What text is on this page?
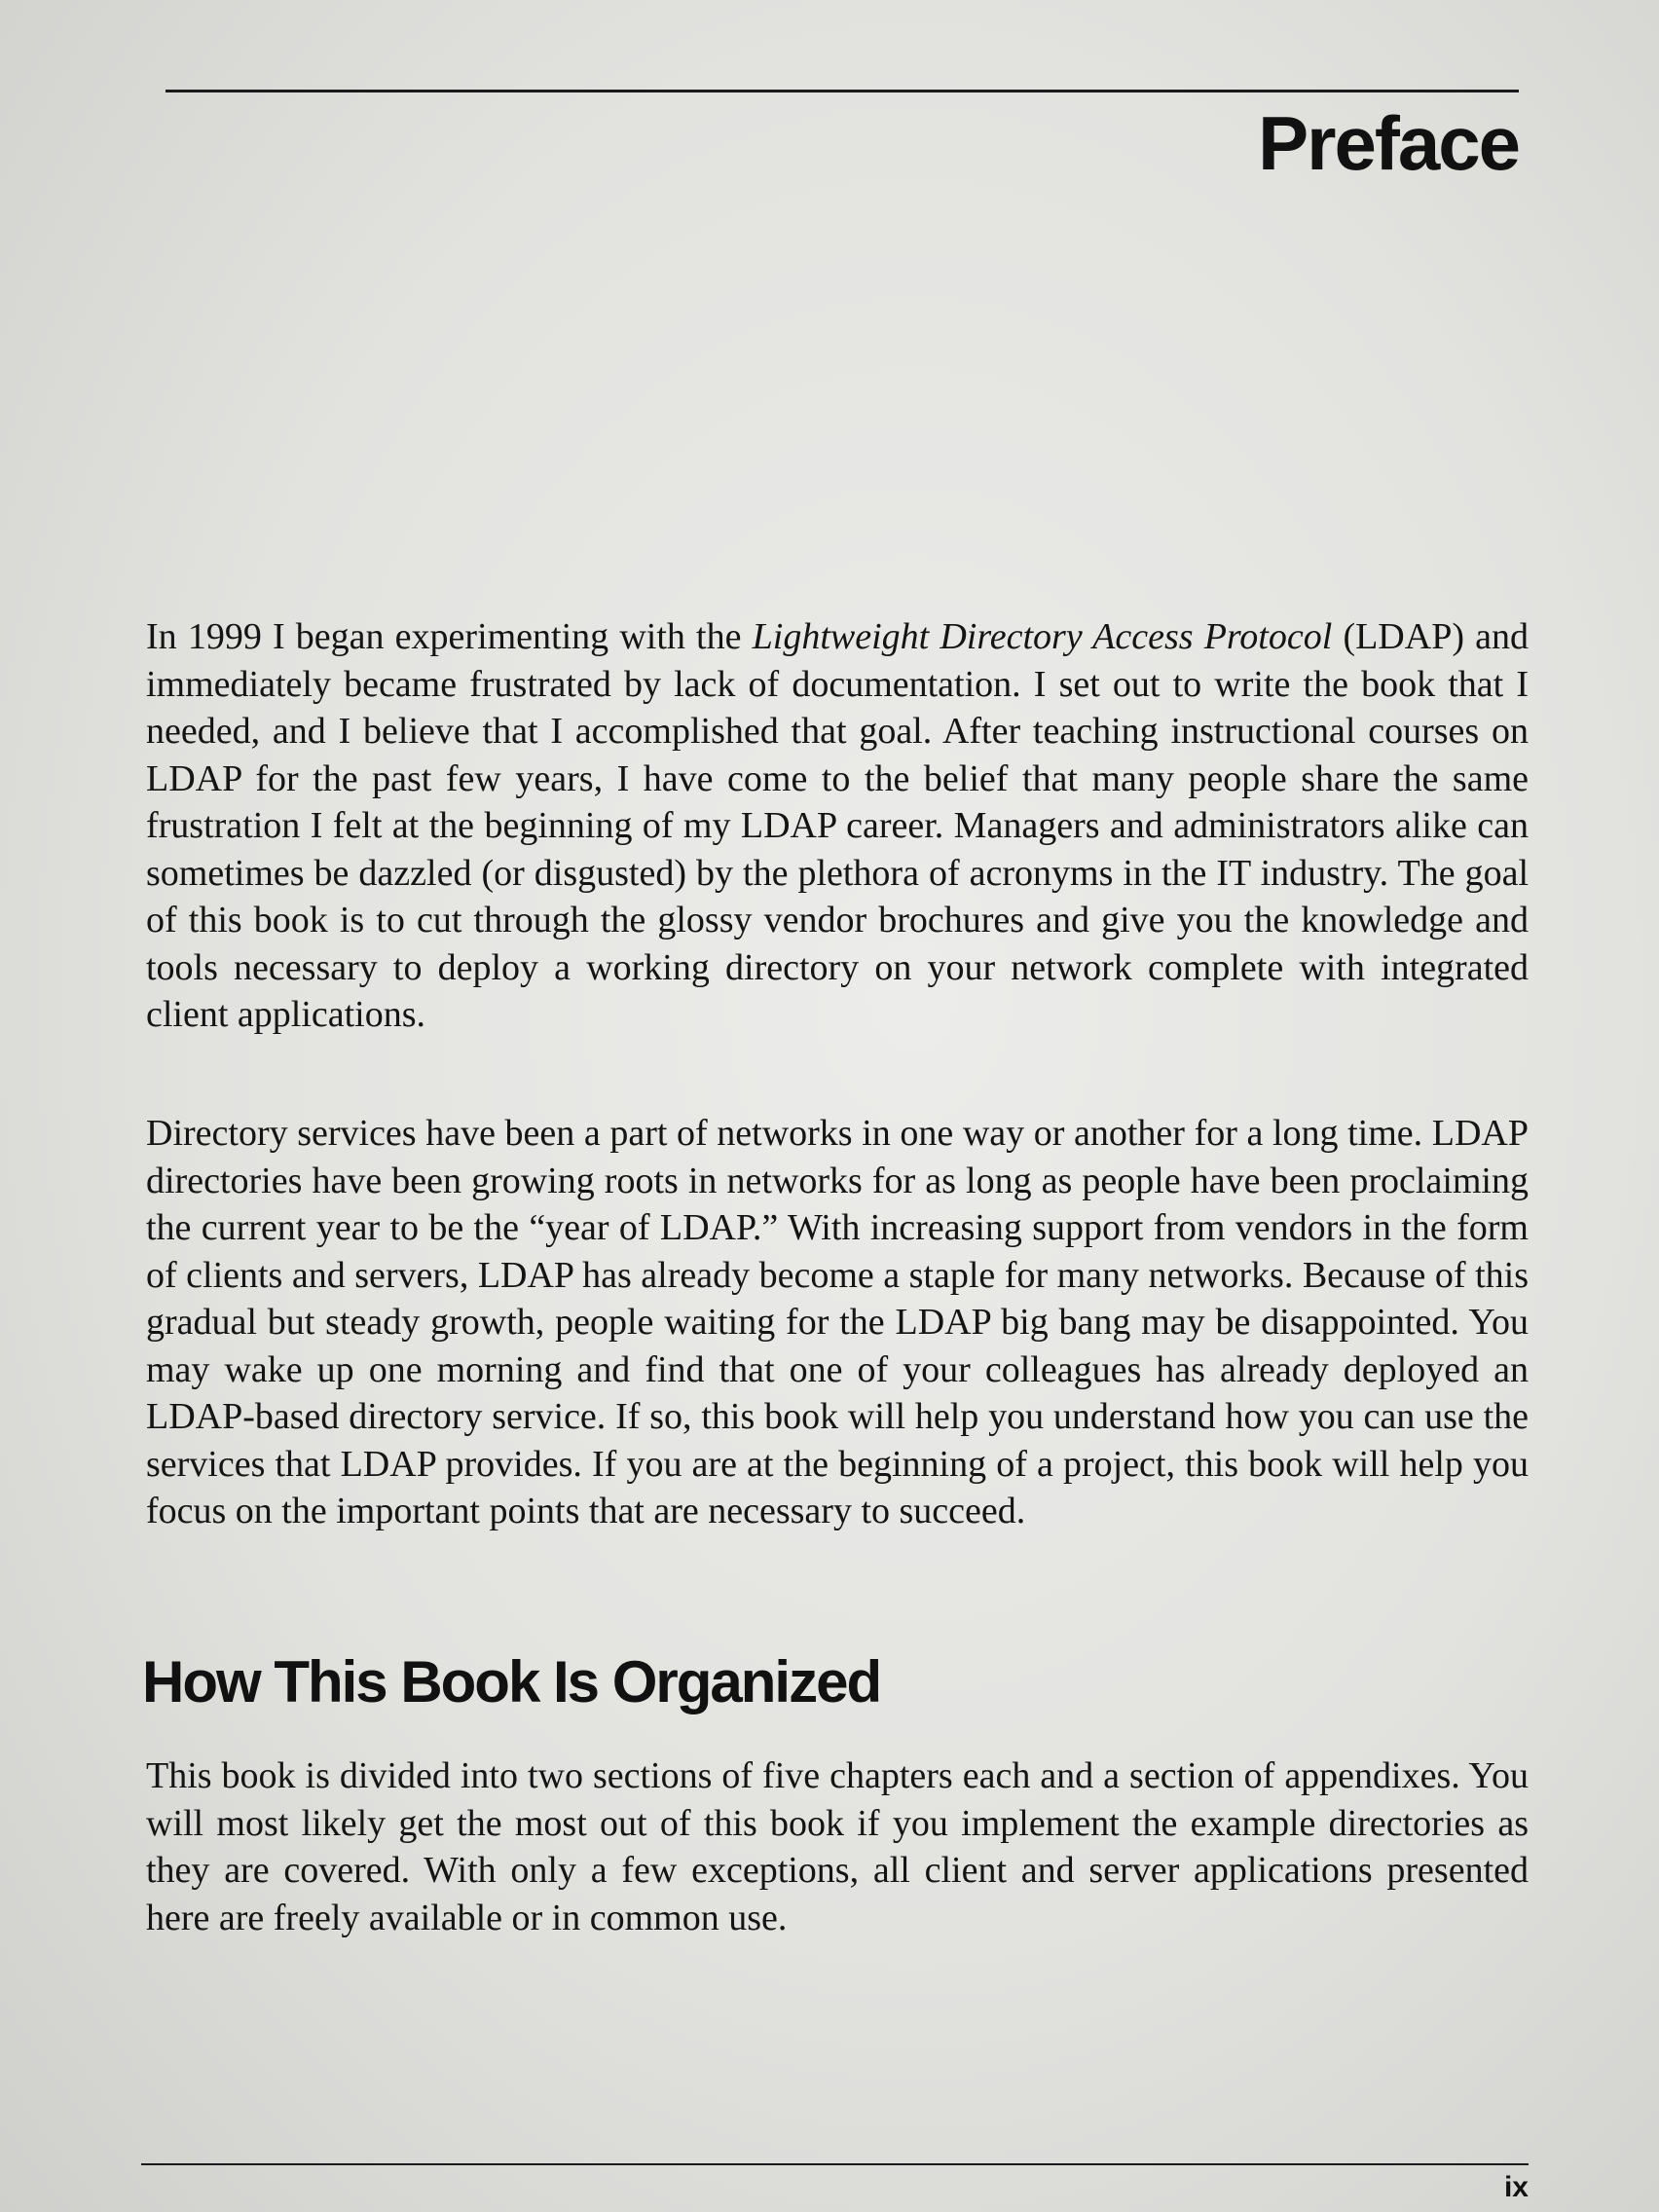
Preface

In 1999 I began experimenting with the Lightweight Directory Access Protocol (LDAP) and immediately became frustrated by lack of documentation. I set out to write the book that I needed, and I believe that I accomplished that goal. After teaching instructional courses on LDAP for the past few years, I have come to the belief that many people share the same frustration I felt at the beginning of my LDAP career. Managers and administrators alike can sometimes be dazzled (or disgusted) by the plethora of acronyms in the IT industry. The goal of this book is to cut through the glossy vendor brochures and give you the knowledge and tools necessary to deploy a working directory on your network complete with integrated client applications.

Directory services have been a part of networks in one way or another for a long time. LDAP directories have been growing roots in networks for as long as people have been proclaiming the current year to be the “year of LDAP.” With increasing support from vendors in the form of clients and servers, LDAP has already become a staple for many networks. Because of this gradual but steady growth, people waiting for the LDAP big bang may be disappointed. You may wake up one morning and find that one of your colleagues has already deployed an LDAP-based directory service. If so, this book will help you understand how you can use the services that LDAP provides. If you are at the beginning of a project, this book will help you focus on the important points that are necessary to succeed.

How This Book Is Organized

This book is divided into two sections of five chapters each and a section of appendixes. You will most likely get the most out of this book if you implement the example directories as they are covered. With only a few exceptions, all client and server applications presented here are freely available or in common use.

ix
